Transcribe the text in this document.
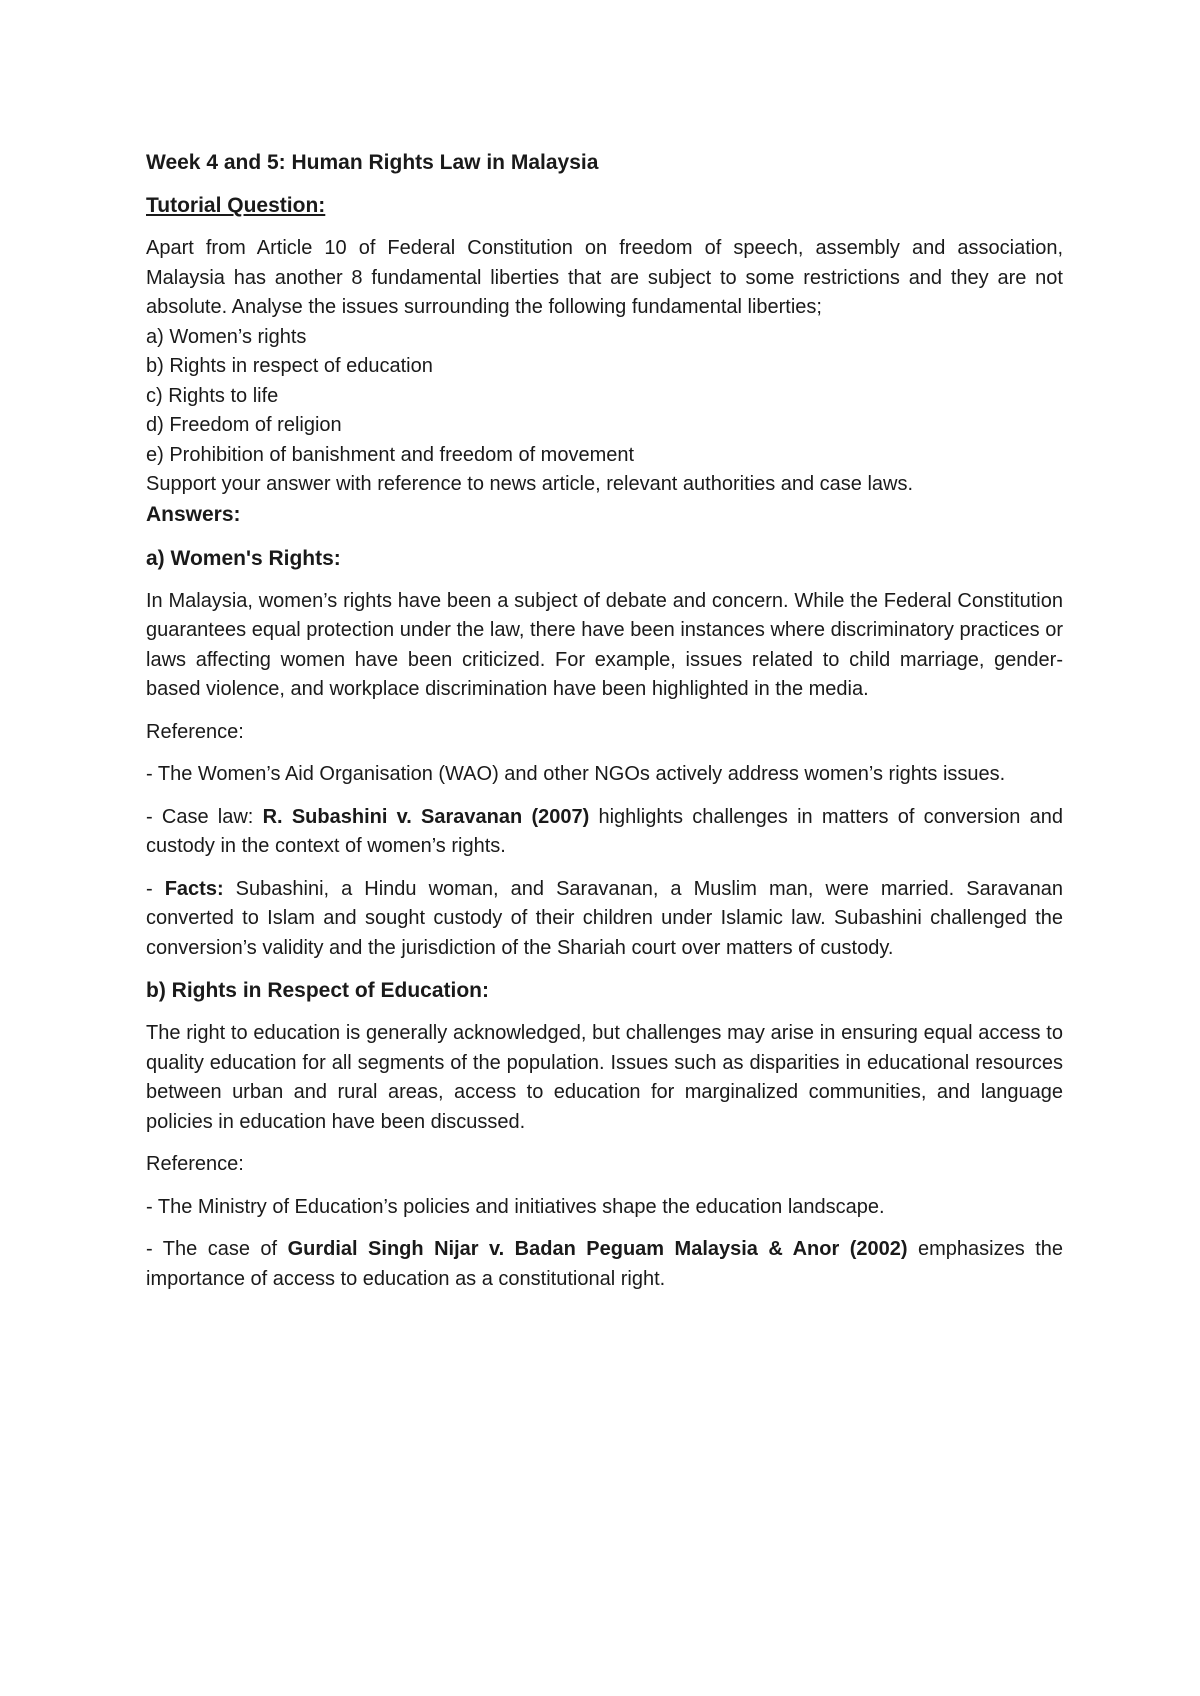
Week 4 and 5: Human Rights Law in Malaysia

Tutorial Question:

Apart from Article 10 of Federal Constitution on freedom of speech, assembly and association, Malaysia has another 8 fundamental liberties that are subject to some restrictions and they are not absolute. Analyse the issues surrounding the following fundamental liberties;

a) Women’s rights
b) Rights in respect of education
c) Rights to life
d) Freedom of religion
e) Prohibition of banishment and freedom of movement

Support your answer with reference to news article, relevant authorities and case laws.

Answers:

a) Women's Rights:

In Malaysia, women’s rights have been a subject of debate and concern. While the Federal Constitution guarantees equal protection under the law, there have been instances where discriminatory practices or laws affecting women have been criticized. For example, issues related to child marriage, gender-based violence, and workplace discrimination have been highlighted in the media.

Reference:

- The Women’s Aid Organisation (WAO) and other NGOs actively address women’s rights issues.

- Case law: R. Subashini v. Saravanan (2007) highlights challenges in matters of conversion and custody in the context of women’s rights.

- Facts: Subashini, a Hindu woman, and Saravanan, a Muslim man, were married. Saravanan converted to Islam and sought custody of their children under Islamic law. Subashini challenged the conversion’s validity and the jurisdiction of the Shariah court over matters of custody.

b) Rights in Respect of Education:

The right to education is generally acknowledged, but challenges may arise in ensuring equal access to quality education for all segments of the population. Issues such as disparities in educational resources between urban and rural areas, access to education for marginalized communities, and language policies in education have been discussed.

Reference:

- The Ministry of Education’s policies and initiatives shape the education landscape.

- The case of Gurdial Singh Nijar v. Badan Peguam Malaysia & Anor (2002) emphasizes the importance of access to education as a constitutional right.
